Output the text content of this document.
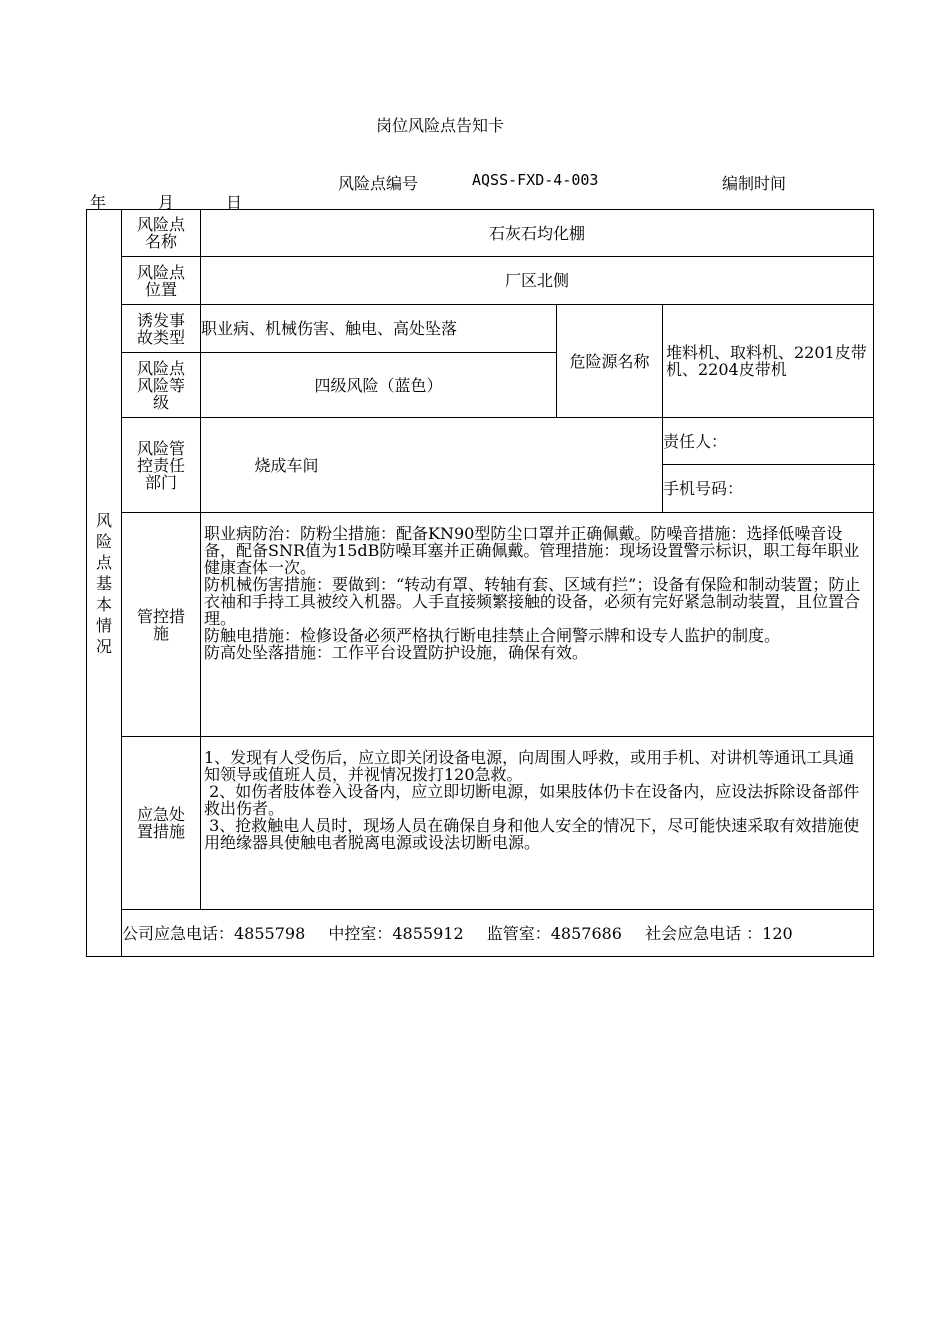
岗位风险点告知卡
风险点编号	AQSS-FXD-4-003	编制时间
年	月	日
风险点基本情况	风险点名称	石灰石均化棚		
	风险点位置	厂区北侧		
	诱发事故类型	职业病、机械伤害、触电、高处坠落	危险源名称	堆料机、取料机、2201皮带机、2204皮带机

	风险点风险等级	四级风险（蓝色）		
	风险管控责任部门	烧成车间		责任人：
				手机号码：
	管控措施	职业病防治：防粉尘措施：配备KN90型防尘口罩并正确佩戴。防噪音措施：选择低噪音设备，配备SNR值为15dB防噪耳塞并正确佩戴。管理措施：现场设置警示标识，职工每年职业健康查体一次。
防机械伤害措施：要做到：“转动有罩、转轴有套、区域有拦”；设备有保险和制动装置；防止衣袖和手持工具被绞入机器。人手直接频繁接触的设备，必须有完好紧急制动装置，且位置合理。
防触电措施：检修设备必须严格执行断电挂禁止合闸警示牌和设专人监护的制度。
防高处坠落措施：工作平台设置防护设施，确保有效。		

	应急处置措施	1、发现有人受伤后，应立即关闭设备电源，向周围人呼救，或用手机、对讲机等通讯工具通知领导或值班人员，并视情况拨打120急救。
2、如伤者肢体卷入设备内，应立即切断电源，如果肢体仍卡在设备内，应设法拆除设备部件救出伤者。
3、抢救触电人员时，现场人员在确保自身和他人安全的情况下，尽可能快速采取有效措施使用绝缘器具使触电者脱离电源或设法切断电源。		

	公司应急电话：4855798 中控室：4855912 监管室：4857686 社会应急电话 ：120			
